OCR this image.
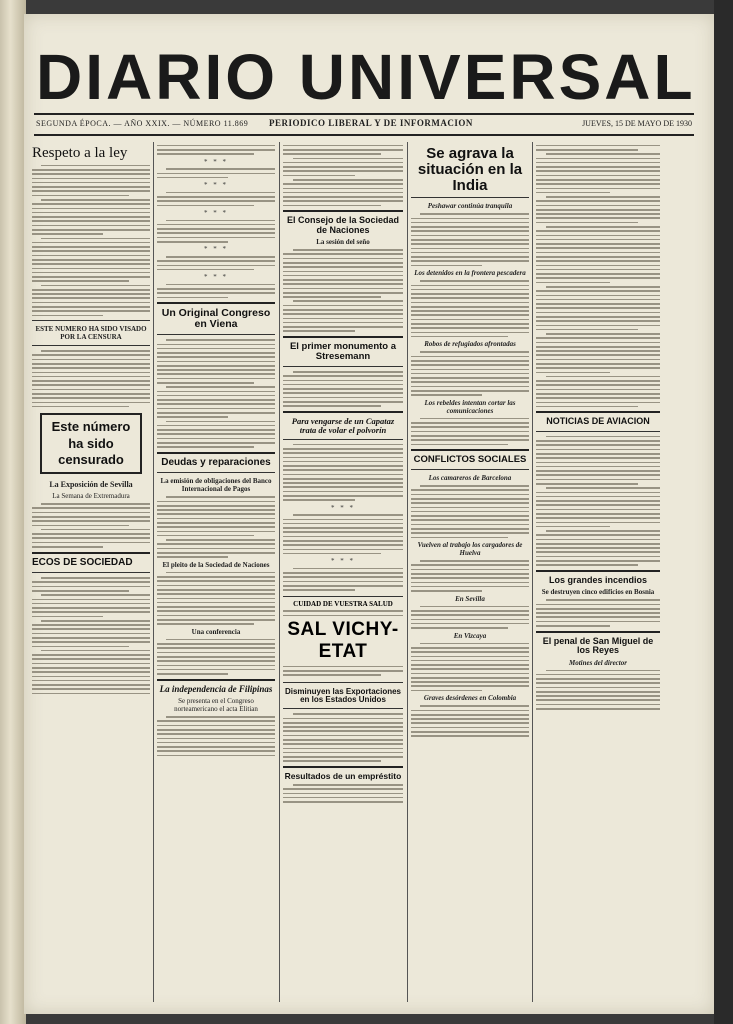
DIARIO UNIVERSAL
SEGUNDA ÉPOCA. — AÑO XXIX. — NÚMERO 11.869 PERIODICO LIBERAL Y DE INFORMACION	JUEVES, 15 DE MAYO DE 1930
Respeto a la ley
ESTE NUMERO HA SIDO VISADO POR LA CENSURA
Este número ha sido censurado
La Exposición de Sevilla
La Semana de Extremadura
ECOS DE SOCIEDAD
* * *
* * *
* * *
* * *
* * *
Un Original Congreso en Viena
Deudas y reparaciones
La emisión de obligaciones del Banco Internacional de Pagos
El pleito de la Sociedad de Naciones
Una conferencia
La independencia de Filipinas
Se presenta en el Congreso norteamericano el acta Elitian
El Consejo de la Sociedad de Naciones
La sesión del seño
El primer monumento a Stresemann
Para vengarse de un Capataz trata de volar el polvorín
* * *
* * *
CUIDAD DE VUESTRA SALUD
SAL VICHY-ETAT
Disminuyen las Exportaciones en los Estados Unidos
Resultados de un empréstito
Se agrava la situación en la India
Peshawar continúa tranquila
Los detenidos en la frontera pescadera
Robos de refugiados afrontadas
Los rebeldes intentan cortar las comunicaciones
CONFLICTOS SOCIALES
Los camareros de Barcelona
Vuelven al trabajo los cargadores de Huelva
En Sevilla
En Vizcaya
Graves desórdenes en Colombia
NOTICIAS DE AVIACION
Los grandes incendios
Se destruyen cinco edificios en Bosnia
El penal de San Miguel de los Reyes
Motines del director
